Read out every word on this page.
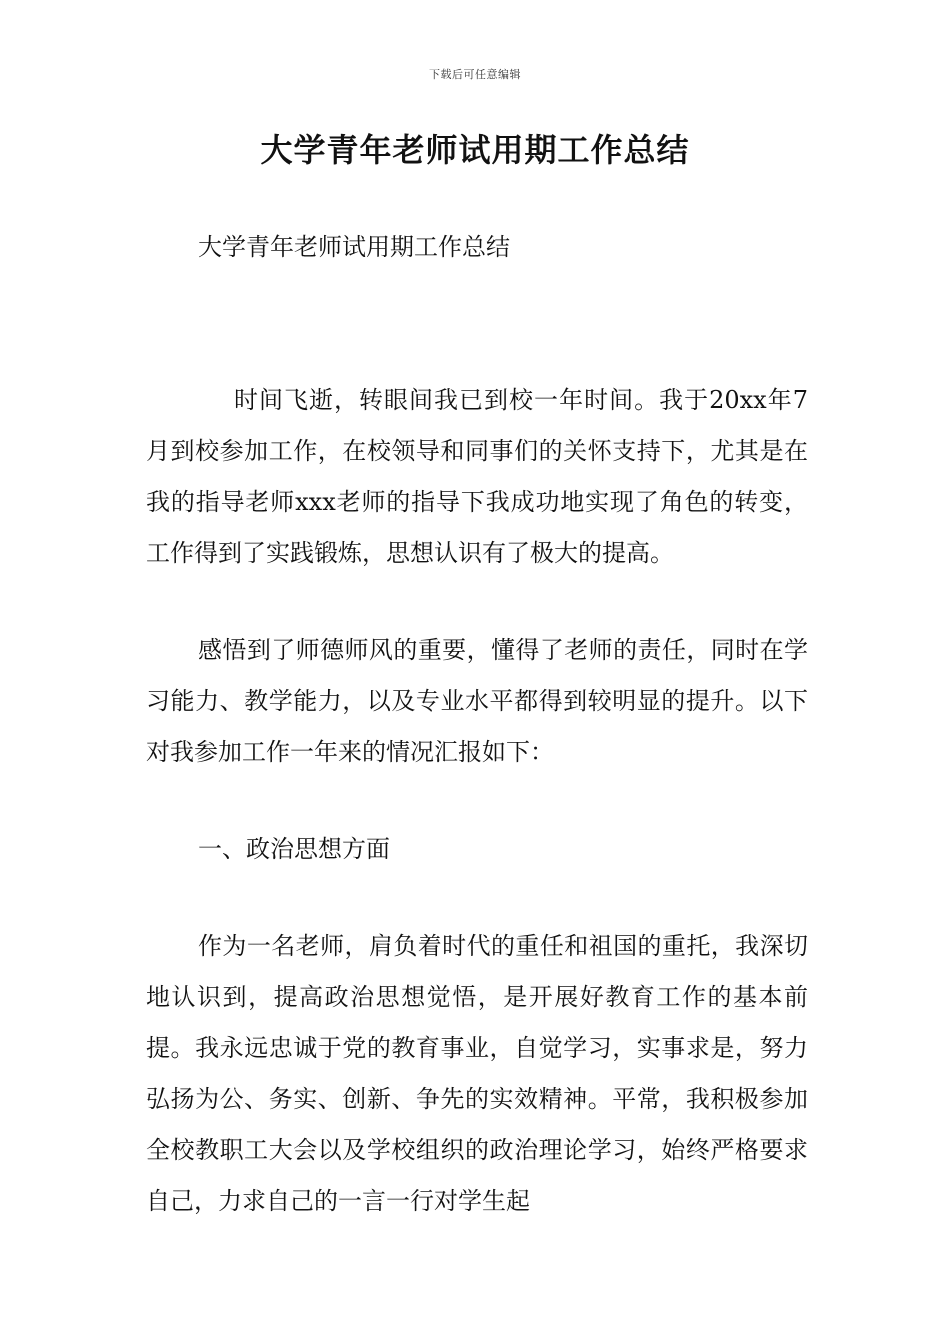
下载后可任意编辑
大学青年老师试用期工作总结

大学青年老师试用期工作总结

时间飞逝，转眼间我已到校一年时间。我于20xx年7月到校参加工作，在校领导和同事们的关怀支持下，尤其是在我的指导老师xxx老师的指导下我成功地实现了角色的转变，工作得到了实践锻炼，思想认识有了极大的提高。

感悟到了师德师风的重要，懂得了老师的责任，同时在学习能力、教学能力，以及专业水平都得到较明显的提升。以下对我参加工作一年来的情况汇报如下：

一、政治思想方面

作为一名老师，肩负着时代的重任和祖国的重托，我深切地认识到，提高政治思想觉悟，是开展好教育工作的基本前提。我永远忠诚于党的教育事业，自觉学习，实事求是，努力弘扬为公、务实、创新、争先的实效精神。平常，我积极参加全校教职工大会以及学校组织的政治理论学习，始终严格要求自己，力求自己的一言一行对学生起
